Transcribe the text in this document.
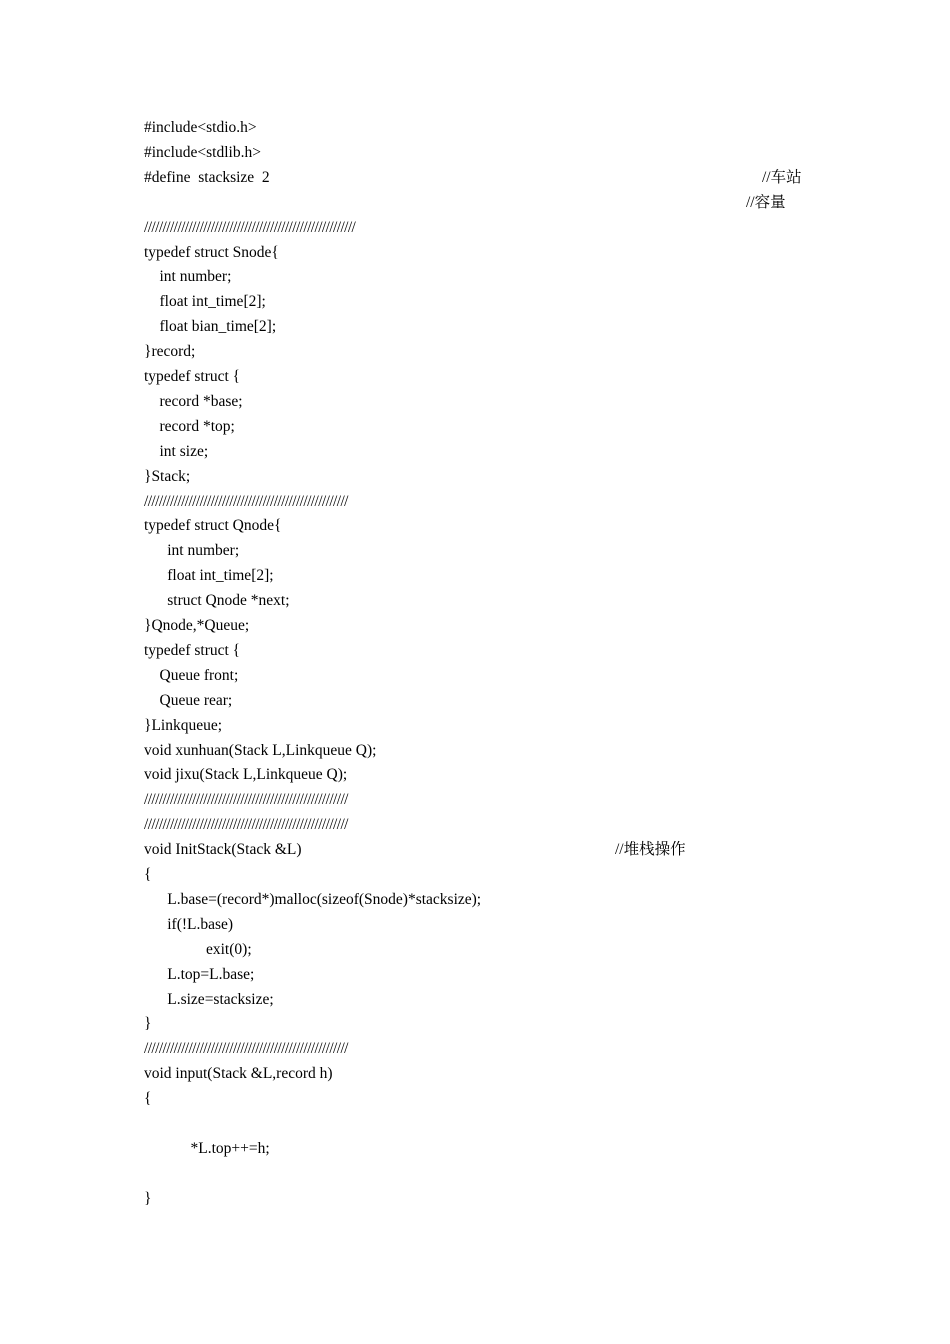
#include<stdio.h>
#include<stdlib.h>
#define  stacksize  2
/////////////////////////////////////////////////////////
typedef struct Snode{
int number;
float int_time[2];
float bian_time[2];
}record;
typedef struct {
record *base;
record *top;
int size;
}Stack;
///////////////////////////////////////////////////////
typedef struct Qnode{
int number;
float int_time[2];
struct Qnode *next;
}Qnode,*Queue;
typedef struct {
Queue front;
Queue rear;
}Linkqueue;
void xunhuan(Stack L,Linkqueue Q);
void jixu(Stack L,Linkqueue Q);
///////////////////////////////////////////////////////
///////////////////////////////////////////////////////
void InitStack(Stack &L)
{
L.base=(record*)malloc(sizeof(Snode)*stacksize);
if(!L.base)
exit(0);
L.top=L.base;
L.size=stacksize;
}
///////////////////////////////////////////////////////
void input(Stack &L,record h)
{
*L.top++=h;
}
//车站
//容量
//堆栈操作
